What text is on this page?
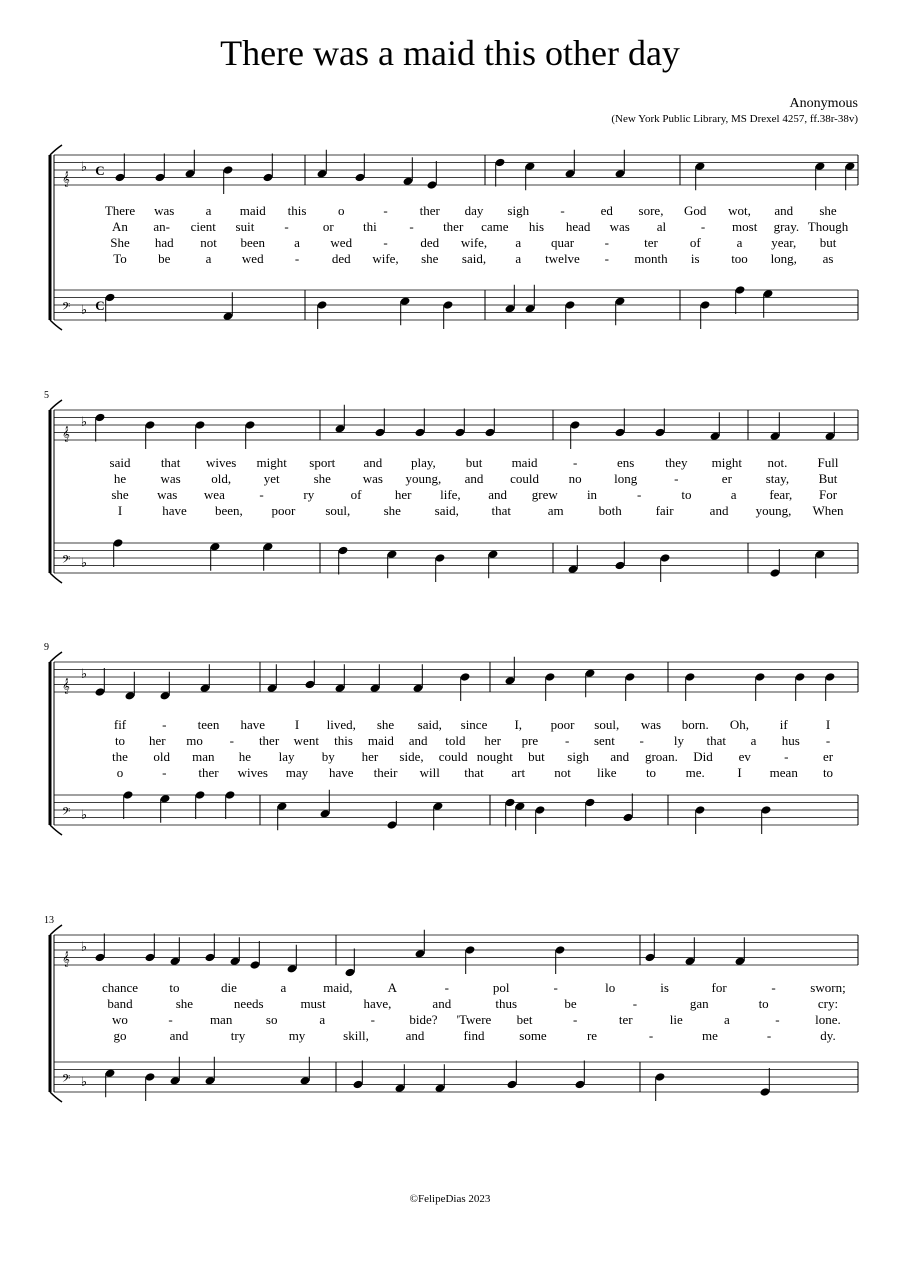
There was a maid this other day
Anonymous
(New York Public Library, MS Drexel 4257, ff.38r-38v)
𝄞
♭ C
𝄢 ♭ C
There was a maid this o	- ther day sigh -	ed sore, God wot, and she
An an- cient suit -	or thi	- ther came his head was al	- most gray. Though
She had not been a wed -	ded wife, a quar -	ter of	a year, but
To be	a wed -	ded wife, she said, a twelve - month is too long, as
𝄞
♭
𝄢 ♭
5
said that wives might sport and play, but maid	-	ens they might not. Full
he	was old,	yet	she was young, and could no	long	-	er	stay, But
she was wea	-	ry	of	her life, and grew in	-	to	a	fear, For
I	have been, poor soul,	she	said,	that	am	both	fair	and young, When
𝄞
♭
𝄢 ♭
9
fif	- teen have I lived, she said, since I, poor soul, was born. Oh, if	I
to her mo - ther went this maid and told her pre - sent - ly that a hus -
the old man he lay by her side, could nought but sigh and groan. Did ev	-	er
o	- ther wives may have their will that art not like to me.	I mean to
𝄞
♭
𝄢 ♭
13
chance to	die	a	maid,	A	-	pol	-	lo	is	for	-	sworn;
band	she	needs	must	have,	and	thus	be	-	gan	to	cry:
wo	-	man	so	a	-	bide? 'Twere bet	-	ter	lie	a	-	lone.
go	and	try	my	skill,	and	find	some	re	-	me	-	dy.
©FelipeDias 2023
